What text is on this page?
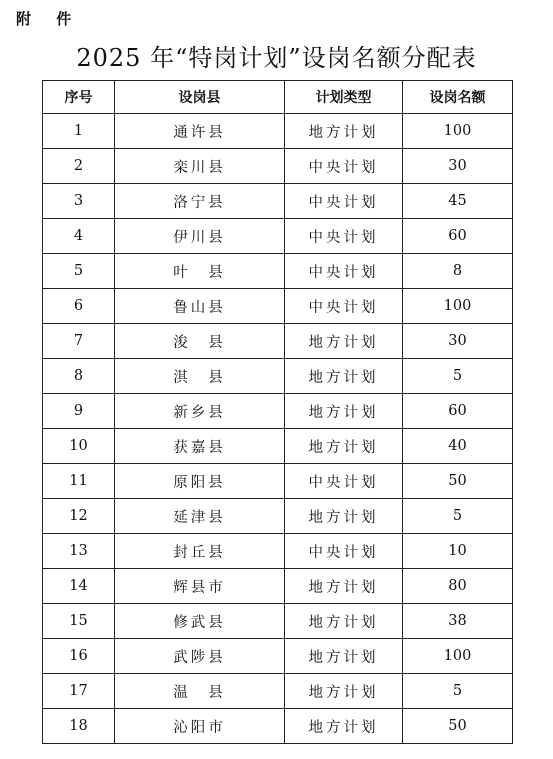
附 件
2025 年“特岗计划”设岗名额分配表
序号	设岗县	计划类型	设岗名额
1	通许县	地方计划	100
2	栾川县	中央计划	30
3	洛宁县	中央计划	45
4	伊川县	中央计划	60
5	叶　县	中央计划	8
6	鲁山县	中央计划	100
7	浚　县	地方计划	30
8	淇　县	地方计划	5
9	新乡县	地方计划	60
10	获嘉县	地方计划	40
11	原阳县	中央计划	50
12	延津县	地方计划	5
13	封丘县	中央计划	10
14	辉县市	地方计划	80
15	修武县	地方计划	38
16	武陟县	地方计划	100
17	温　县	地方计划	5
18	沁阳市	地方计划	50
